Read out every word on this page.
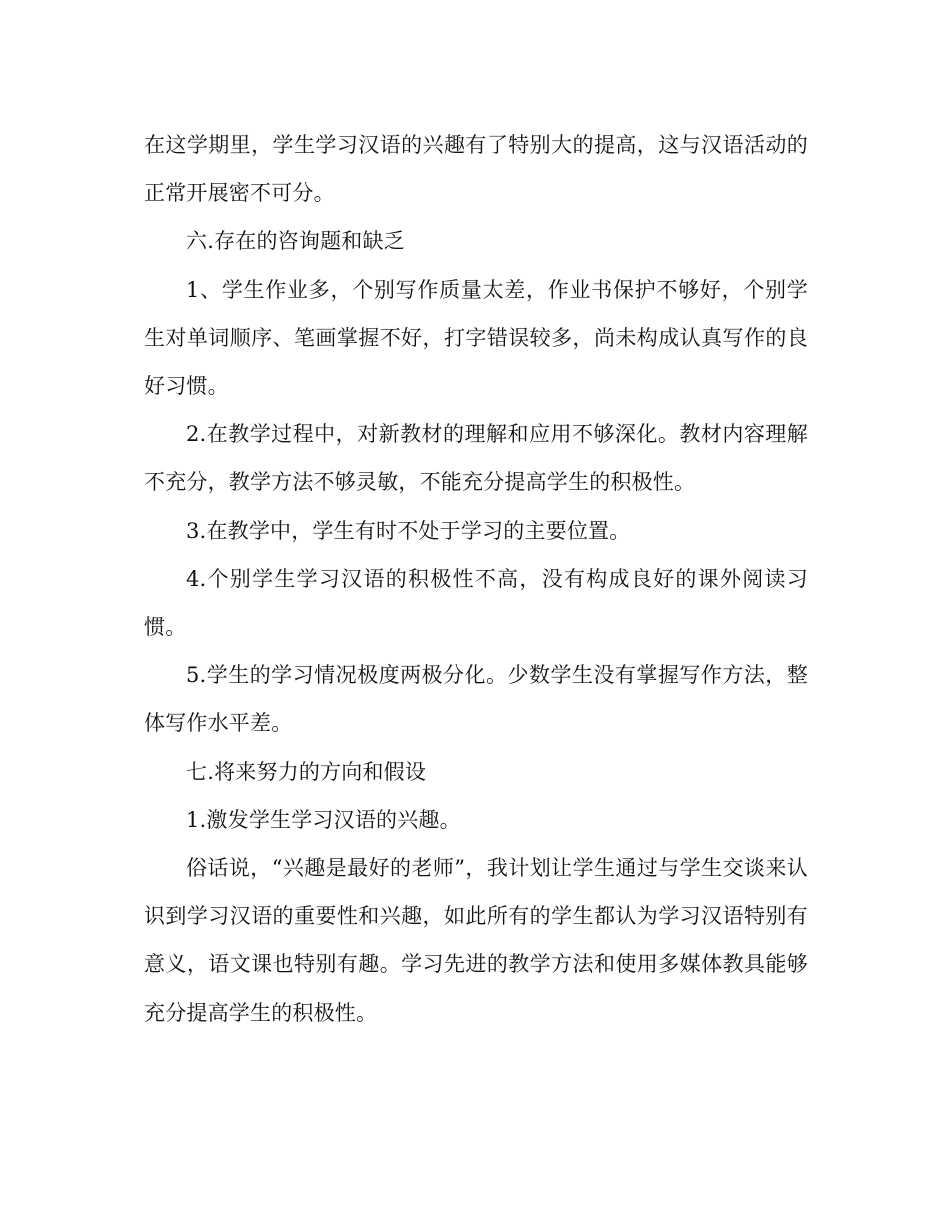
在这学期里，学生学习汉语的兴趣有了特别大的提高，这与汉语活动的正常开展密不可分。

六.存在的咨询题和缺乏

1、学生作业多，个别写作质量太差，作业书保护不够好，个别学生对单词顺序、笔画掌握不好，打字错误较多，尚未构成认真写作的良好习惯。

2.在教学过程中，对新教材的理解和应用不够深化。教材内容理解不充分，教学方法不够灵敏，不能充分提高学生的积极性。

3.在教学中，学生有时不处于学习的主要位置。

4.个别学生学习汉语的积极性不高，没有构成良好的课外阅读习惯。

5.学生的学习情况极度两极分化。少数学生没有掌握写作方法，整体写作水平差。

七.将来努力的方向和假设

1.激发学生学习汉语的兴趣。

俗话说，“兴趣是最好的老师”，我计划让学生通过与学生交谈来认识到学习汉语的重要性和兴趣，如此所有的学生都认为学习汉语特别有意义，语文课也特别有趣。学习先进的教学方法和使用多媒体教具能够充分提高学生的积极性。
